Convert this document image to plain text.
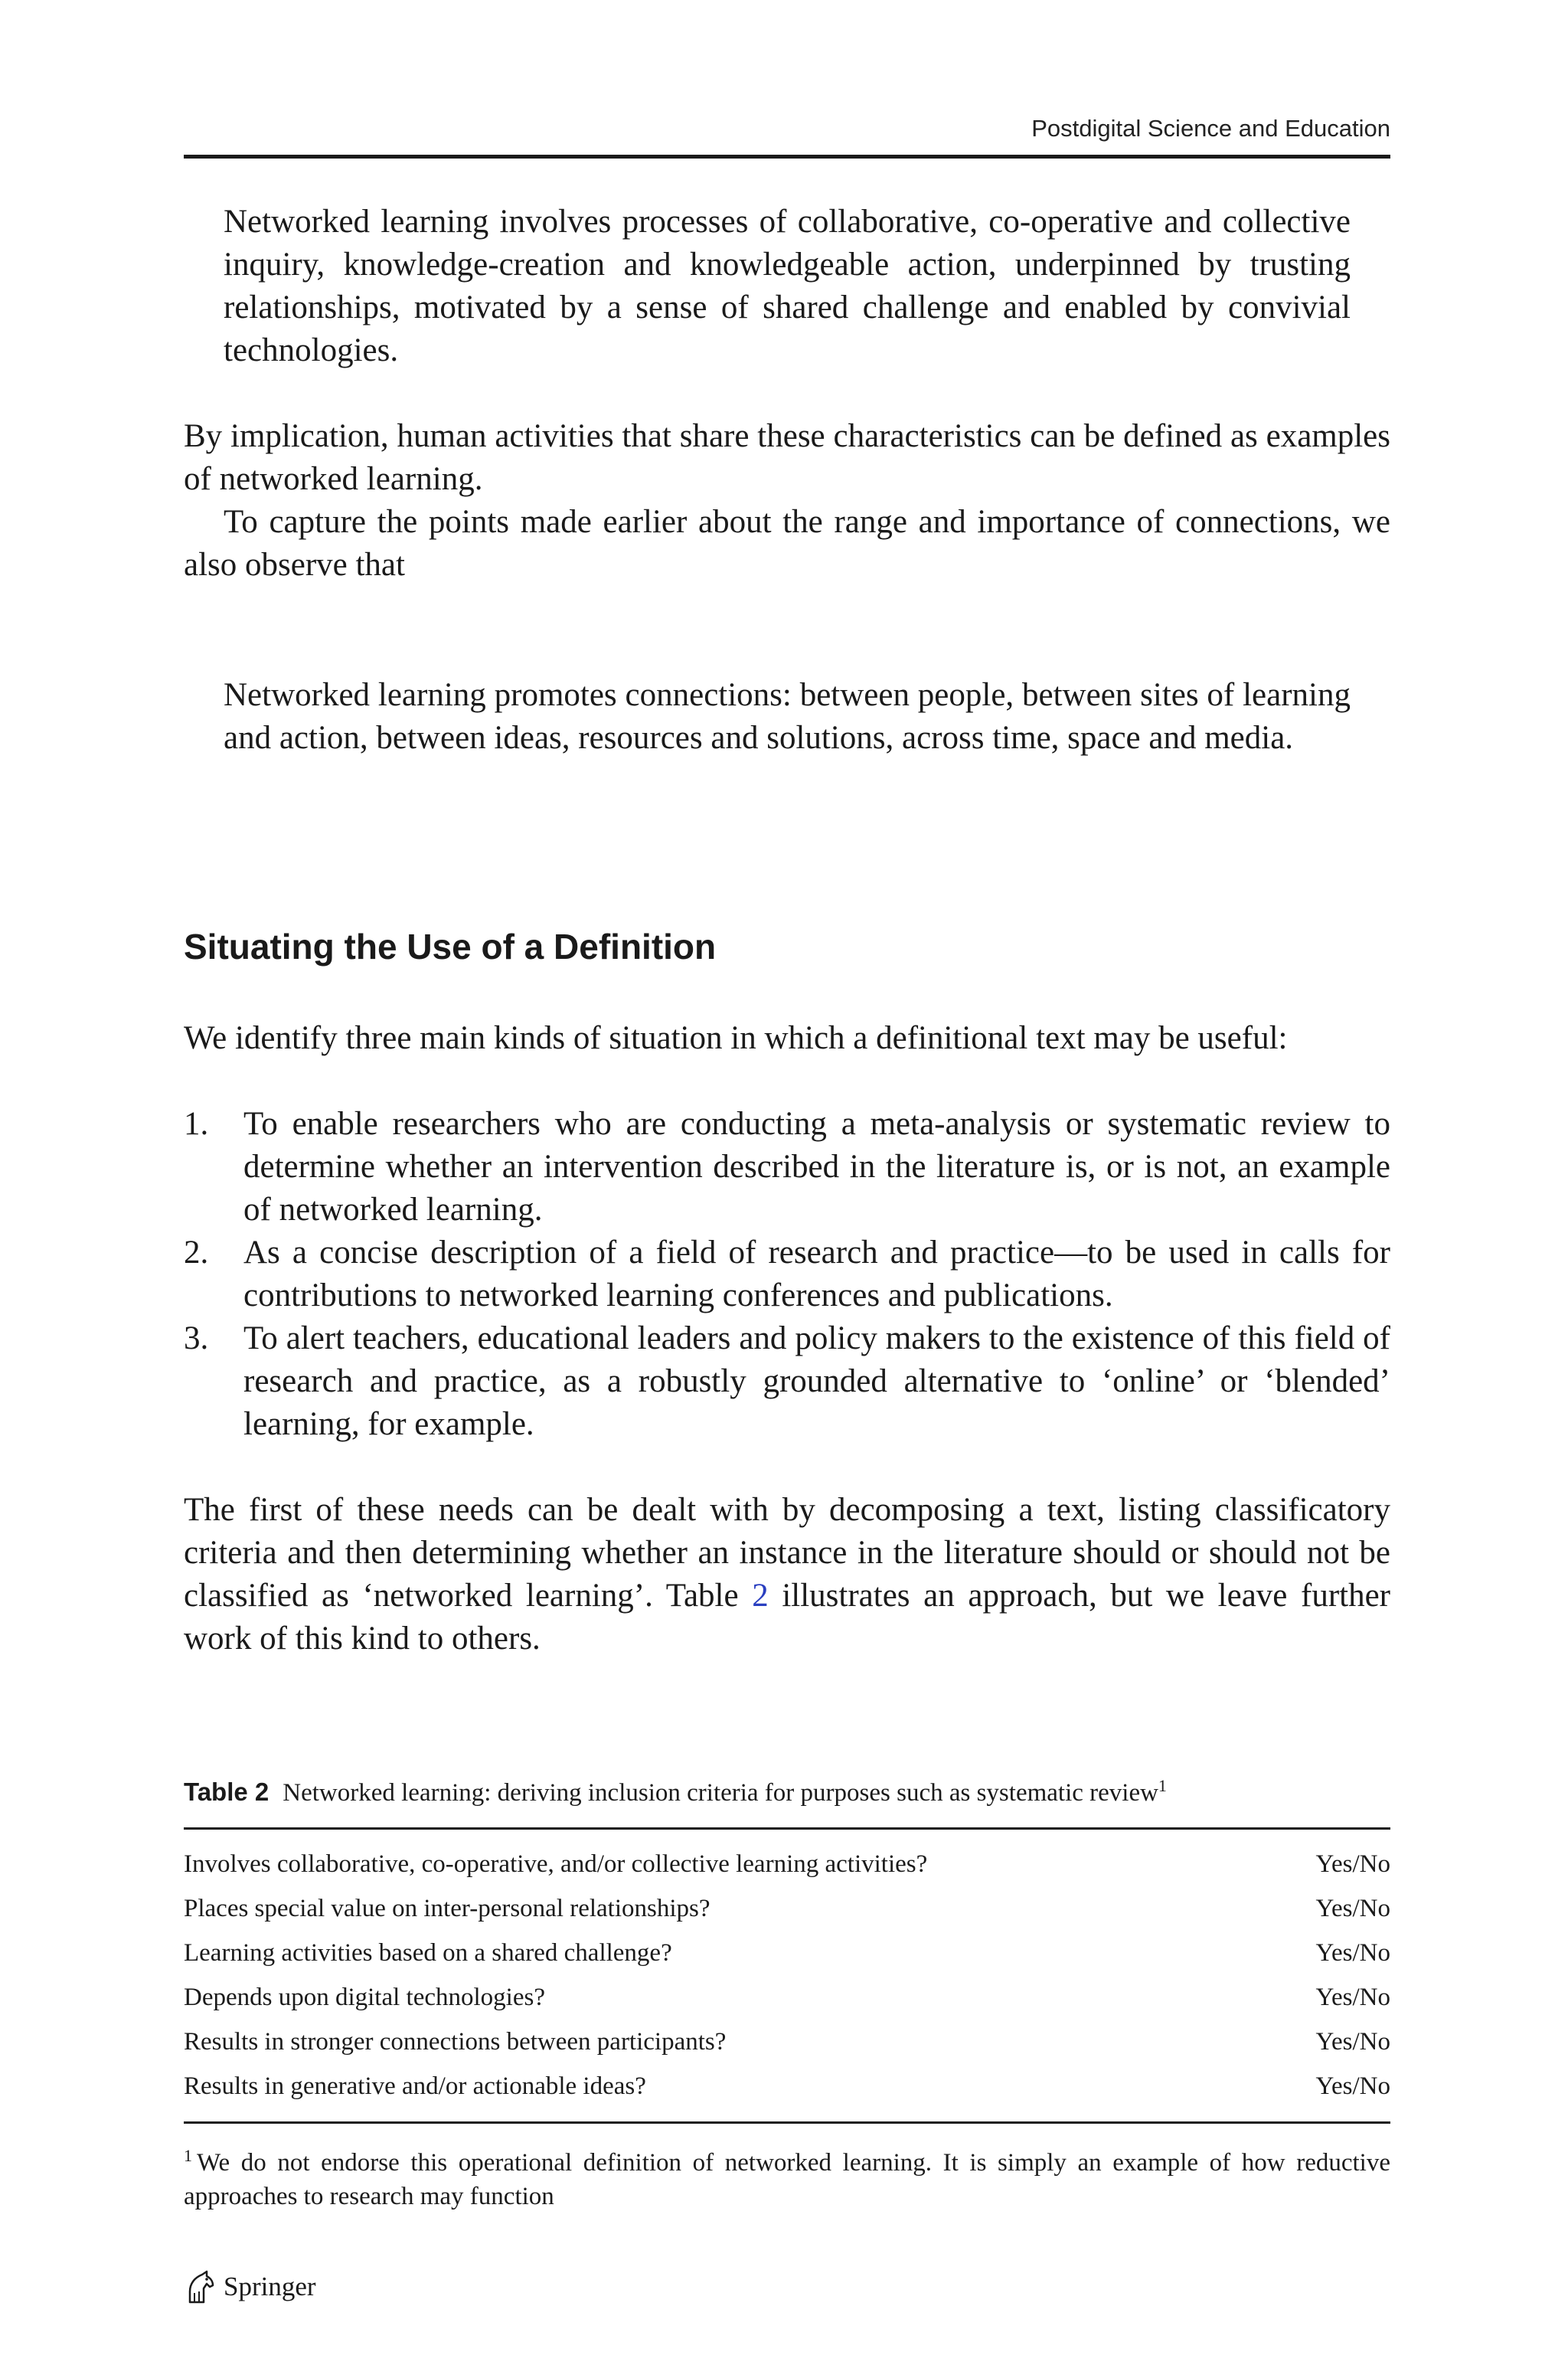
Postdigital Science and Education

Networked learning involves processes of collaborative, co-operative and collective inquiry, knowledge-creation and knowledgeable action, underpinned by trusting relationships, motivated by a sense of shared challenge and enabled by convivial technologies.

By implication, human activities that share these characteristics can be defined as examples of networked learning.

To capture the points made earlier about the range and importance of connections, we also observe that

Networked learning promotes connections: between people, between sites of learning and action, between ideas, resources and solutions, across time, space and media.

Situating the Use of a Definition

We identify three main kinds of situation in which a definitional text may be useful:

1. To enable researchers who are conducting a meta-analysis or systematic review to determine whether an intervention described in the literature is, or is not, an example of networked learning.
2. As a concise description of a field of research and practice—to be used in calls for contributions to networked learning conferences and publications.
3. To alert teachers, educational leaders and policy makers to the existence of this field of research and practice, as a robustly grounded alternative to ‘online’ or ‘blended’ learning, for example.

The first of these needs can be dealt with by decomposing a text, listing classificatory criteria and then determining whether an instance in the literature should or should not be classified as ‘networked learning’. Table 2 illustrates an approach, but we leave further work of this kind to others.

Table 2 Networked learning: deriving inclusion criteria for purposes such as systematic review$^1$

Involves collaborative, co-operative, and/or collective learning activities?	Yes/No
Places special value on inter-personal relationships?	Yes/No
Learning activities based on a shared challenge?	Yes/No
Depends upon digital technologies?	Yes/No
Results in stronger connections between participants?	Yes/No
Results in generative and/or actionable ideas?	Yes/No

$^1$ We do not endorse this operational definition of networked learning. It is simply an example of how reductive approaches to research may function

Springer
